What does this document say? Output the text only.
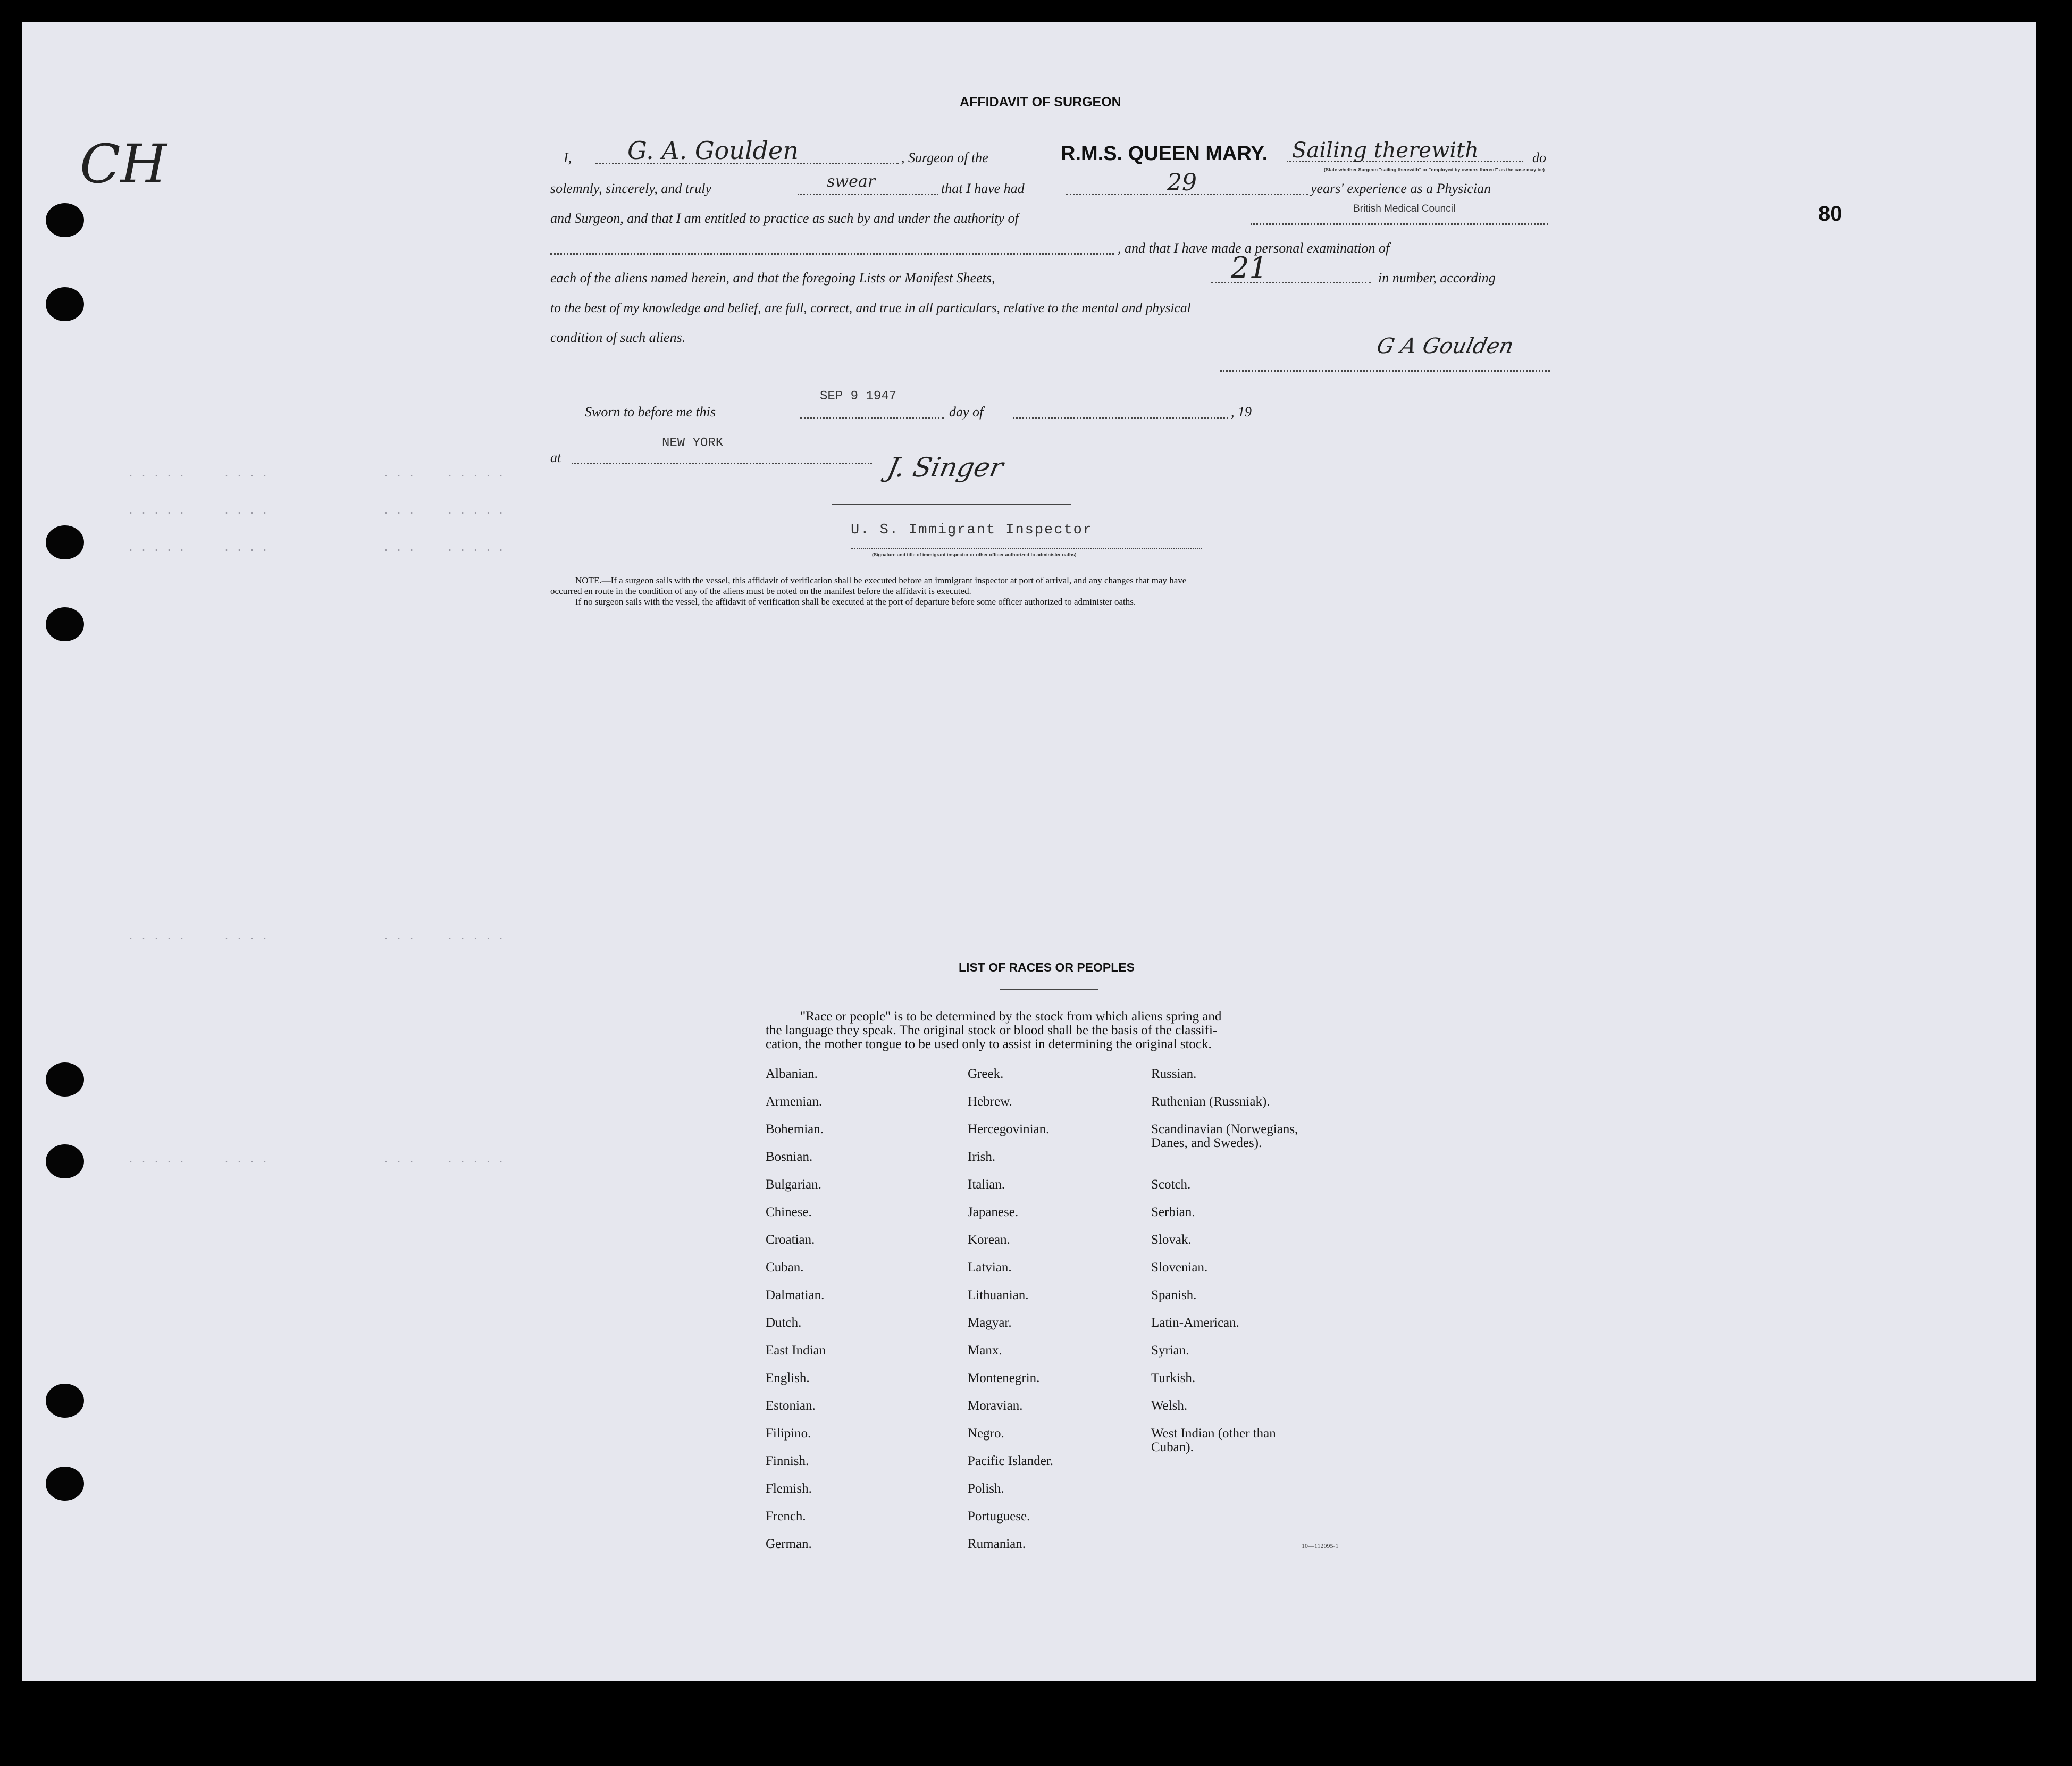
. . . . .      . . . .                  . . .     . . . . .
. . . . .      . . . .                  . . .     . . . . .
. . . . .      . . . .                  . . .     . . . . .
. . . . .      . . . .                  . . .     . . . . .
. . . . .      . . . .                  . . .     . . . . .
CH
80
AFFIDAVIT OF SURGEON
I, G. A. Goulden	, Surgeon of the	R.M.S. QUEEN MARY. Sailing therewith	do
(State whether Surgeon "sailing therewith" or "employed by owners thereof" as the case may be)
solemnly, sincerely, and truly	swear	that I have had	29	years' experience as a Physician
and Surgeon, and that I am entitled to practice as such by and under the authority of
British Medical Council
, and that I have made a personal examination of
each of the aliens named herein, and that the foregoing Lists or Manifest Sheets,	21	in number, according
to the best of my knowledge and belief, are full, correct, and true in all particulars, relative to the mental and physical
condition of such aliens.	G A Goulden
Sworn to before me this
SEP 9 1947
day of	, 19
at
NEW YORK
J. Singer
U. S. Immigrant Inspector
(Signature and title of immigrant inspector or other officer authorized to administer oaths)
NOTE.—If a surgeon sails with the vessel, this affidavit of verification shall be executed before an immigrant inspector at port of arrival, and any changes that may have
occurred en route in the condition of any of the aliens must be noted on the manifest before the affidavit is executed.
If no surgeon sails with the vessel, the affidavit of verification shall be executed at the port of departure before some officer authorized to administer oaths.
LIST OF RACES OR PEOPLES
"Race or people" is to be determined by the stock from which aliens spring and
the language they speak. The original stock or blood shall be the basis of the classifi-
cation, the mother tongue to be used only to assist in determining the original stock.
Albanian.
Armenian.
Bohemian.
Bosnian.
Bulgarian.
Chinese.
Croatian.
Cuban.
Dalmatian.
Dutch.
East Indian
English.
Estonian.
Filipino.
Finnish.
Flemish.
French.
German.
Greek.
Hebrew.
Hercegovinian.
Irish.
Italian.
Japanese.
Korean.
Latvian.
Lithuanian.
Magyar.
Manx.
Montenegrin.
Moravian.
Negro.
Pacific Islander.
Polish.
Portuguese.
Rumanian.
Russian.
Ruthenian (Russniak).
Scandinavian (Norwegians,
Danes, and Swedes).
Scotch.
Serbian.
Slovak.
Slovenian.
Spanish.
Latin-American.
Syrian.
Turkish.
Welsh.
West Indian (other than
Cuban).
10—112095-1
